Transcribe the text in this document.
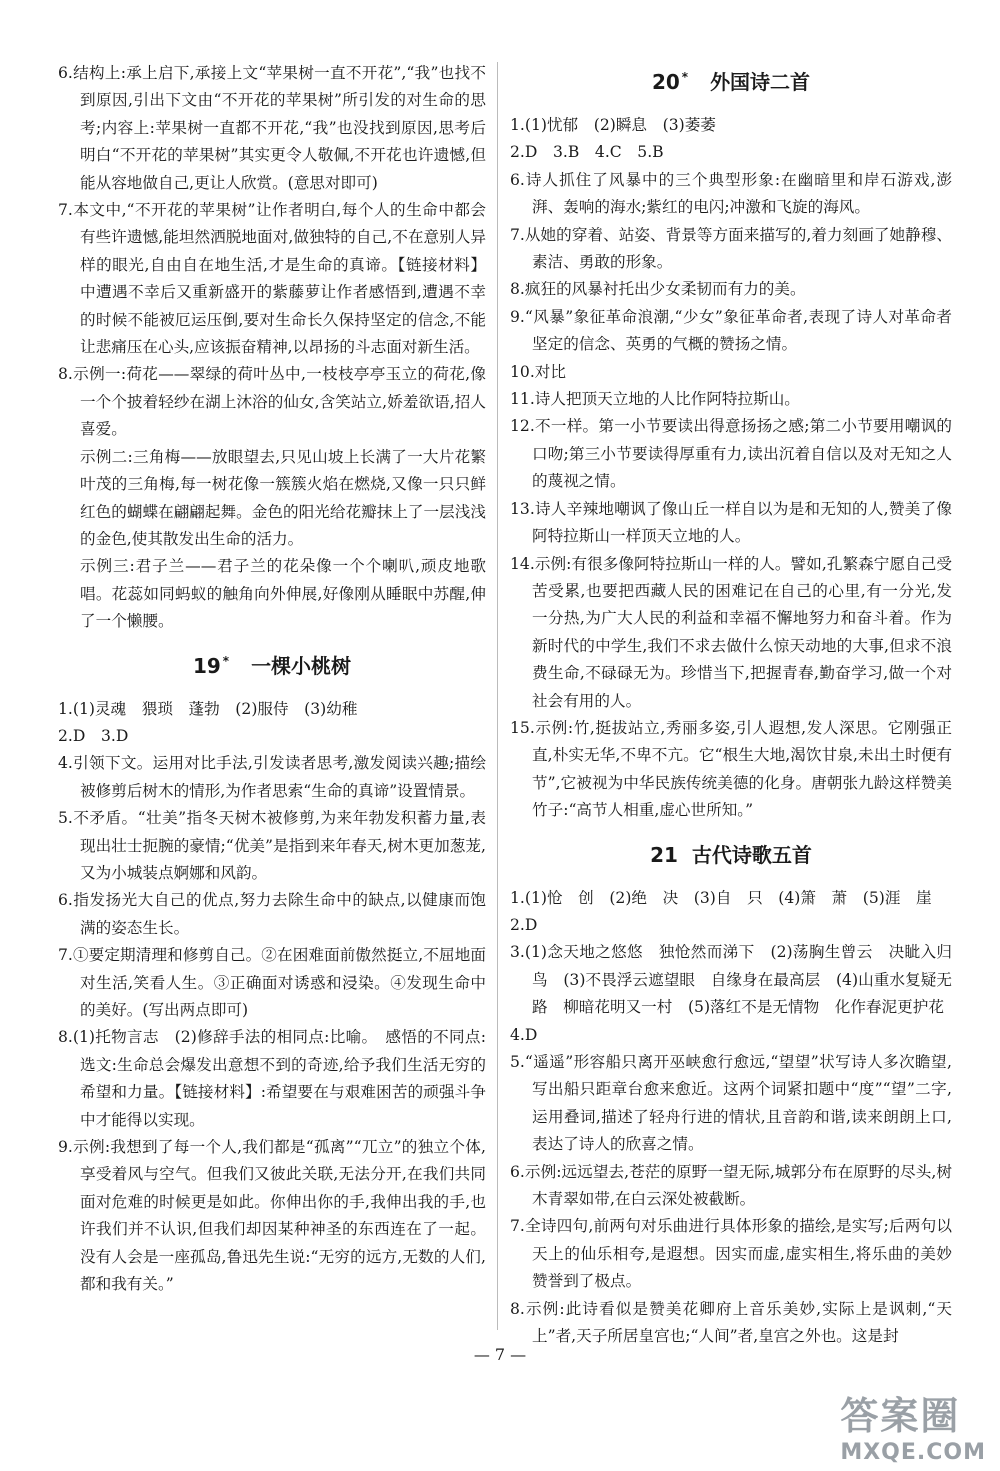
6.结构上:承上启下,承接上文“苹果树一直不开花”,“我”也找不到原因,引出下文由“不开花的苹果树”所引发的对生命的思考;内容上:苹果树一直都不开花,“我”也没找到原因,思考后明白“不开花的苹果树”其实更令人敬佩,不开花也许遗憾,但能从容地做自己,更让人欣赏。(意思对即可)

7.本文中,“不开花的苹果树”让作者明白,每个人的生命中都会有些许遗憾,能坦然洒脱地面对,做独特的自己,不在意别人异样的眼光,自由自在地生活,才是生命的真谛。【链接材料】中遭遇不幸后又重新盛开的紫藤萝让作者感悟到,遭遇不幸的时候不能被厄运压倒,要对生命长久保持坚定的信念,不能让悲痛压在心头,应该振奋精神,以昂扬的斗志面对新生活。

8.示例一:荷花——翠绿的荷叶丛中,一枝枝亭亭玉立的荷花,像一个个披着轻纱在湖上沐浴的仙女,含笑站立,娇羞欲语,招人喜爱。

示例二:三角梅——放眼望去,只见山坡上长满了一大片花繁叶茂的三角梅,每一树花像一簇簇火焰在燃烧,又像一只只鲜红色的蝴蝶在翩翩起舞。金色的阳光给花瓣抹上了一层浅浅的金色,使其散发出生命的活力。

示例三:君子兰——君子兰的花朵像一个个喇叭,顽皮地歌唱。花蕊如同蚂蚁的触角向外伸展,好像刚从睡眠中苏醒,伸了一个懒腰。

19 * 一棵小桃树

1.(1)灵魂　猥琐　蓬勃　(2)服侍　(3)幼稚

2.D　3.D

4.引领下文。运用对比手法,引发读者思考,激发阅读兴趣;描绘被修剪后树木的情形,为作者思索“生命的真谛”设置情景。

5.不矛盾。“壮美”指冬天树木被修剪,为来年勃发积蓄力量,表现出壮士扼腕的豪情;“优美”是指到来年春天,树木更加葱茏,又为小城装点婀娜和风韵。

6.指发扬光大自己的优点,努力去除生命中的缺点,以健康而饱满的姿态生长。

7.①要定期清理和修剪自己。②在困难面前傲然挺立,不屈地面对生活,笑看人生。③正确面对诱惑和浸染。④发现生命中的美好。(写出两点即可)

8.(1)托物言志　(2)修辞手法的相同点:比喻。　感悟的不同点:选文:生命总会爆发出意想不到的奇迹,给予我们生活无穷的希望和力量。【链接材料】:希望要在与艰难困苦的顽强斗争中才能得以实现。

9.示例:我想到了每一个人,我们都是“孤离”“兀立”的独立个体,享受着风与空气。但我们又彼此关联,无法分开,在我们共同面对危难的时候更是如此。你伸出你的手,我伸出我的手,也许我们并不认识,但我们却因某种神圣的东西连在了一起。没有人会是一座孤岛,鲁迅先生说:“无穷的远方,无数的人们,都和我有关。”

20 * 外国诗二首

1.(1)忧郁　(2)瞬息　(3)萎萎

2.D　3.B　4.C　5.B

6.诗人抓住了风暴中的三个典型形象:在幽暗里和岸石游戏,澎湃、轰响的海水;紫红的电闪;冲激和飞旋的海风。

7.从她的穿着、站姿、背景等方面来描写的,着力刻画了她静穆、素洁、勇敢的形象。

8.疯狂的风暴衬托出少女柔韧而有力的美。

9.“风暴”象征革命浪潮,“少女”象征革命者,表现了诗人对革命者坚定的信念、英勇的气概的赞扬之情。

10.对比

11.诗人把顶天立地的人比作阿特拉斯山。

12.不一样。第一小节要读出得意扬扬之感;第二小节要用嘲讽的口吻;第三小节要读得厚重有力,读出沉着自信以及对无知之人的蔑视之情。

13.诗人辛辣地嘲讽了像山丘一样自以为是和无知的人,赞美了像阿特拉斯山一样顶天立地的人。

14.示例:有很多像阿特拉斯山一样的人。譬如,孔繁森宁愿自己受苦受累,也要把西藏人民的困难记在自己的心里,有一分光,发一分热,为广大人民的利益和幸福不懈地努力和奋斗着。作为新时代的中学生,我们不求去做什么惊天动地的大事,但求不浪费生命,不碌碌无为。珍惜当下,把握青春,勤奋学习,做一个对社会有用的人。

15.示例:竹,挺拔站立,秀丽多姿,引人遐想,发人深思。它刚强正直,朴实无华,不卑不亢。它“根生大地,渴饮甘泉,未出土时便有节”,它被视为中华民族传统美德的化身。唐朝张九龄这样赞美竹子:“高节人相重,虚心世所知。”

21 古代诗歌五首

1.(1)怆　创　(2)绝　决　(3)自　只　(4)箫　萧　(5)涯　崖

2.D

3.(1)念天地之悠悠　独怆然而涕下　(2)荡胸生曾云　决眦入归鸟　(3)不畏浮云遮望眼　自缘身在最高层　(4)山重水复疑无路　柳暗花明又一村　(5)落红不是无情物　化作春泥更护花

4.D

5.“遥遥”形容船只离开巫峡愈行愈远,“望望”状写诗人多次瞻望,写出船只距章台愈来愈近。这两个词紧扣题中“度”“望”二字,运用叠词,描述了轻舟行进的情状,且音韵和谐,读来朗朗上口,表达了诗人的欣喜之情。

6.示例:远远望去,苍茫的原野一望无际,城郭分布在原野的尽头,树木青翠如带,在白云深处被截断。

7.全诗四句,前两句对乐曲进行具体形象的描绘,是实写;后两句以天上的仙乐相夸,是遐想。因实而虚,虚实相生,将乐曲的美妙赞誉到了极点。

8.示例:此诗看似是赞美花卿府上音乐美妙,实际上是讽刺,“天上”者,天子所居皇宫也;“人间”者,皇宫之外也。这是封

— 7 —
答案圈
MXQE.COM
